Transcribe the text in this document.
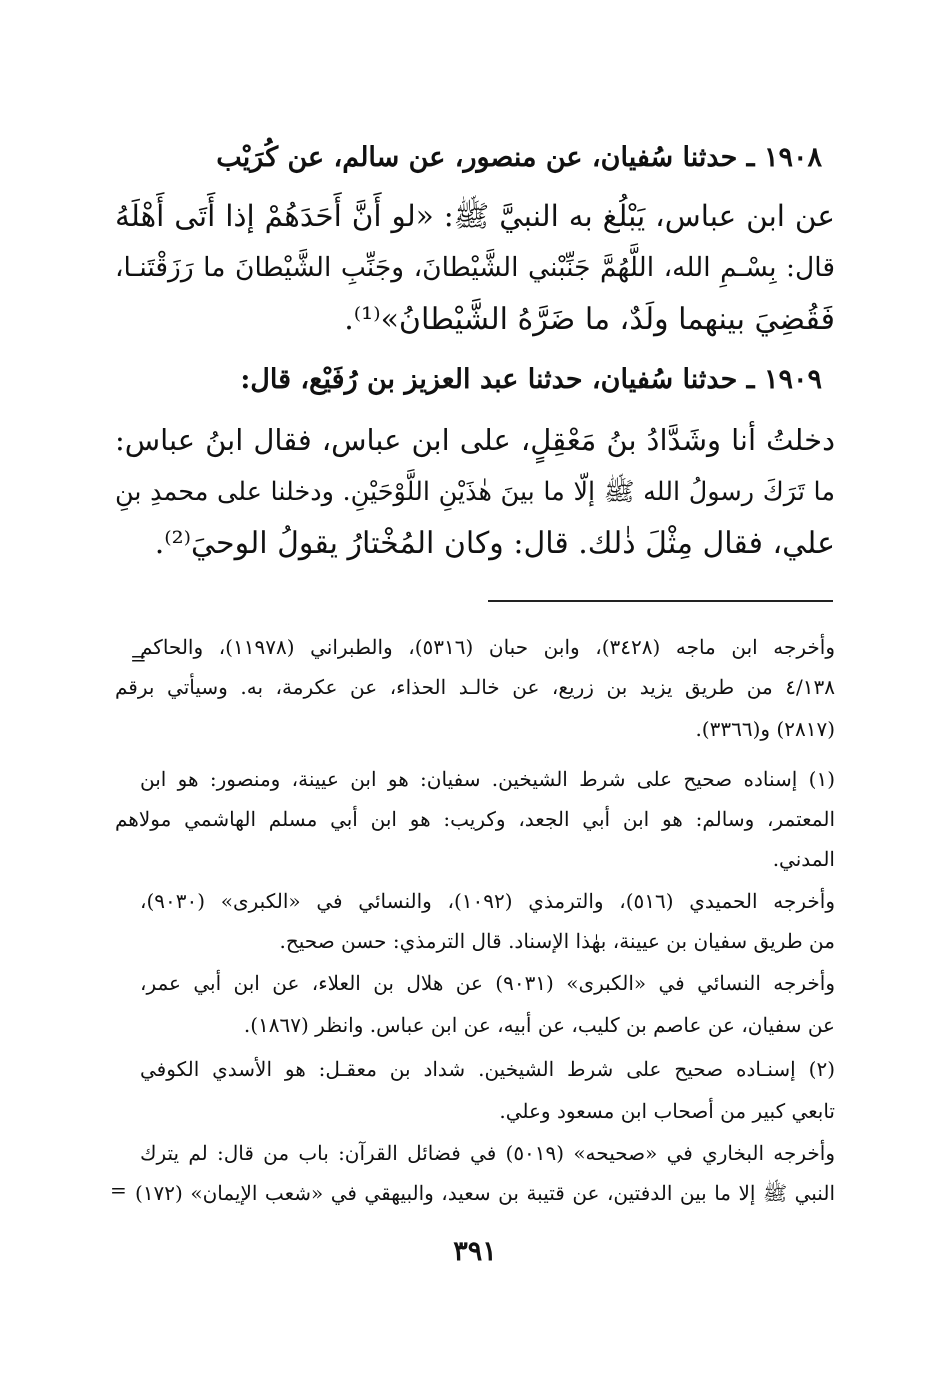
١٩٠٨ ـ حدثنا سُفيان، عن منصور، عن سالم، عن كُرَيْب
عن ابن عباس، يَبْلُغ به النبيَّ ﷺ: «لو أَنَّ أَحَدَهُمْ إذا أَتَى أَهْلَهُ
قال: بِسْـمِ الله، اللَّهُمَّ جَنِّبْني الشَّيْطانَ، وجَنِّبِ الشَّيْطانَ ما رَزَقْتَنـا،
فَقُضِيَ بينهما ولَدٌ، ما ضَرَّهُ الشَّيْطانُ»⁽¹⁾.
١٩٠٩ ـ حدثنا سُفيان، حدثنا عبد العزيز بن رُفَيْع، قال:
دخلتُ أنا وشَدَّادُ بنُ مَعْقِلٍ، على ابن عباس، فقال ابنُ عباس:
ما تَرَكَ رسولُ الله ﷺ إلّا ما بينَ هٰذَيْنِ اللَّوْحَيْنِ. ودخلنا على محمدِ بنِ
علي، فقال مِثْلَ ذٰلك. قال: وكان المُخْتارُ يقولُ الوحيَ⁽²⁾.
=
وأخرجه ابن ماجه (٣٤٢٨)، وابن حبان (٥٣١٦)، والطبراني (١١٩٧٨)، والحاكم
٤/١٣٨ من طريق يزيد بن زريع، عن خالـد الحذاء، عن عكرمة، به. وسيأتي برقم
(٢٨١٧) و(٣٣٦٦).
(١) إسناده صحيح على شرط الشيخين. سفيان: هو ابن عيينة، ومنصور: هو ابن
المعتمر، وسالم: هو ابن أبي الجعد، وكريب: هو ابن أبي مسلم الهاشمي مولاهم
المدني.
وأخرجه الحميدي (٥١٦)، والترمذي (١٠٩٢)، والنسائي في «الكبرى» (٩٠٣٠)،
من طريق سفيان بن عيينة، بهٰذا الإسناد. قال الترمذي: حسن صحيح.
وأخرجه النسائي في «الكبرى» (٩٠٣١) عن هلال بن العلاء، عن ابن أبي عمر،
عن سفيان، عن عاصم بن كليب، عن أبيه، عن ابن عباس. وانظر (١٨٦٧).
(٢) إسنـاده صحيح على شرط الشيخين. شداد بن معقـل: هو الأسدي الكوفي
تابعي كبير من أصحاب ابن مسعود وعلي.
وأخرجه البخاري في «صحيحه» (٥٠١٩) في فضائل القرآن: باب من قال: لم يترك
النبي ﷺ إلا ما بين الدفتين، عن قتيبة بن سعيد، والبيهقي في «شعب الإيمان» (١٧٢)
=
٣٩١
